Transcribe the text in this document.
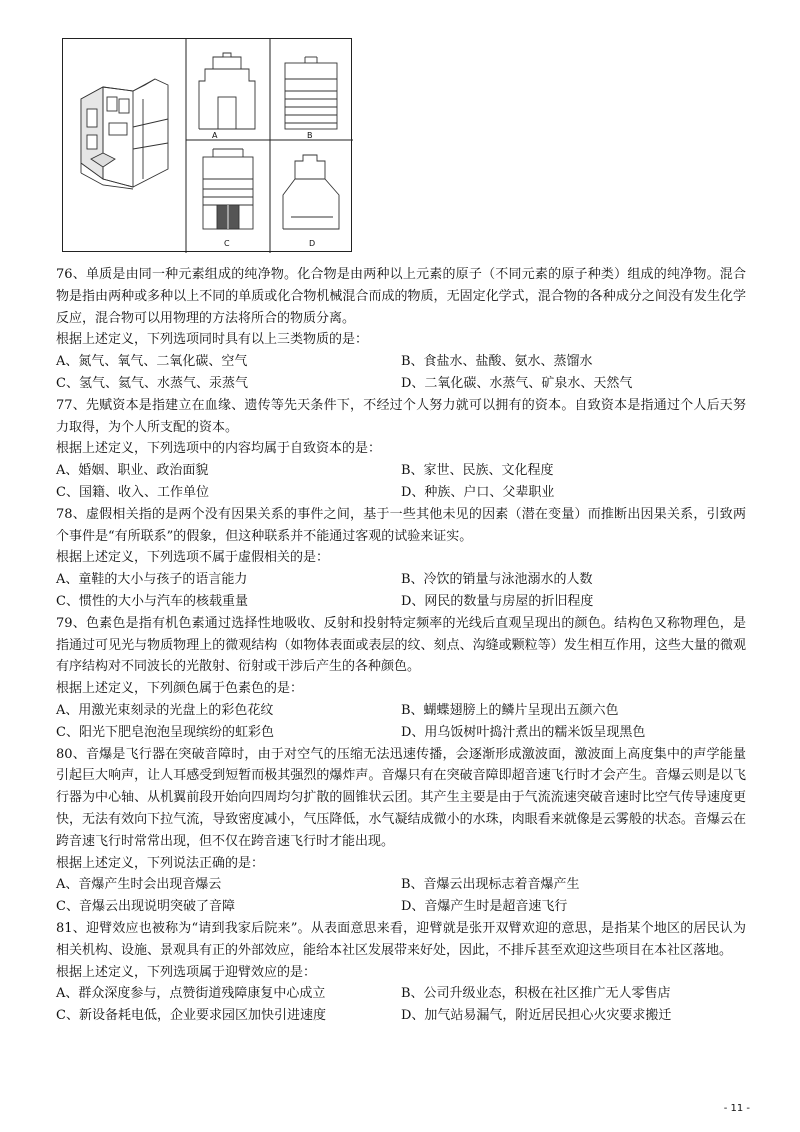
A	B
C	D

76、单质是由同一种元素组成的纯净物。化合物是由两种以上元素的原子（不同元素的原子种类）组成的纯净物。混合物是指由两种或多种以上不同的单质或化合物机械混合而成的物质，无固定化学式，混合物的各种成分之间没有发生化学反应，混合物可以用物理的方法将所合的物质分离。

根据上述定义，下列选项同时具有以上三类物质的是：

A、氮气、氧气、二氧化碳、空气	B、食盐水、盐酸、氨水、蒸馏水
C、氢气、氦气、水蒸气、汞蒸气	D、二氧化碳、水蒸气、矿泉水、天然气

77、先赋资本是指建立在血缘、遗传等先天条件下，不经过个人努力就可以拥有的资本。自致资本是指通过个人后天努力取得，为个人所支配的资本。

根据上述定义，下列选项中的内容均属于自致资本的是：

A、婚姻、职业、政治面貌	B、家世、民族、文化程度
C、国籍、收入、工作单位	D、种族、户口、父辈职业

78、虚假相关指的是两个没有因果关系的事件之间，基于一些其他未见的因素（潜在变量）而推断出因果关系，引致两个事件是“有所联系”的假象，但这种联系并不能通过客观的试验来证实。

根据上述定义，下列选项不属于虚假相关的是：

A、童鞋的大小与孩子的语言能力	B、冷饮的销量与泳池溺水的人数
C、惯性的大小与汽车的核载重量	D、网民的数量与房屋的折旧程度

79、色素色是指有机色素通过选择性地吸收、反射和投射特定频率的光线后直观呈现出的颜色。结构色又称物理色，是指通过可见光与物质物理上的微观结构（如物体表面或表层的纹、刻点、沟缝或颗粒等）发生相互作用，这些大量的微观有序结构对不同波长的光散射、衍射或干涉后产生的各种颜色。

根据上述定义，下列颜色属于色素色的是：

A、用激光束刻录的光盘上的彩色花纹	B、蝴蝶翅膀上的鳞片呈现出五颜六色
C、阳光下肥皂泡泡呈现缤纷的虹彩色	D、用乌饭树叶捣汁煮出的糯米饭呈现黑色

80、音爆是飞行器在突破音障时，由于对空气的压缩无法迅速传播，会逐渐形成激波面，激波面上高度集中的声学能量引起巨大响声，让人耳感受到短暂而极其强烈的爆炸声。音爆只有在突破音障即超音速飞行时才会产生。音爆云则是以飞行器为中心轴、从机翼前段开始向四周均匀扩散的圆锥状云团。其产生主要是由于气流流速突破音速时比空气传导速度更快，无法有效向下拉气流，导致密度减小，气压降低，水气凝结成微小的水珠，肉眼看来就像是云雾般的状态。音爆云在跨音速飞行时常常出现，但不仅在跨音速飞行时才能出现。

根据上述定义，下列说法正确的是：

A、音爆产生时会出现音爆云	B、音爆云出现标志着音爆产生
C、音爆云出现说明突破了音障	D、音爆产生时是超音速飞行

81、迎臂效应也被称为“请到我家后院来”。从表面意思来看，迎臂就是张开双臂欢迎的意思，是指某个地区的居民认为相关机构、设施、景观具有正的外部效应，能给本社区发展带来好处，因此，不排斥甚至欢迎这些项目在本社区落地。

根据上述定义，下列选项属于迎臂效应的是：

A、群众深度参与，点赞街道残障康复中心成立	B、公司升级业态，积极在社区推广无人零售店
C、新设备耗电低，企业要求园区加快引进速度	D、加气站易漏气，附近居民担心火灾要求搬迁
- 11 -
